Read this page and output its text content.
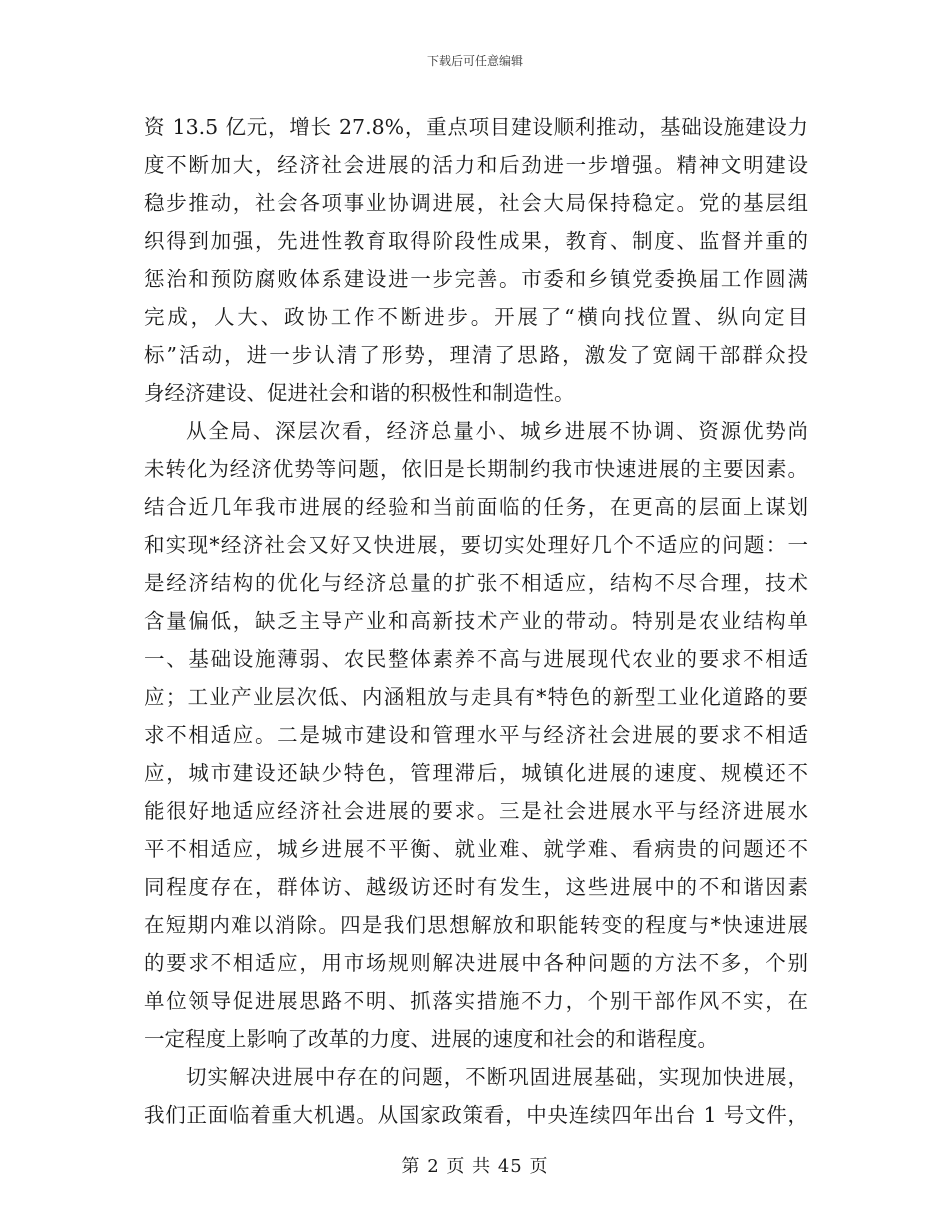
下载后可任意编辑
资 13.5 亿元，增长 27.8%，重点项目建设顺利推动，基础设施建设力
度不断加大，经济社会进展的活力和后劲进一步增强。精神文明建设
稳步推动，社会各项事业协调进展，社会大局保持稳定。党的基层组
织得到加强，先进性教育取得阶段性成果，教育、制度、监督并重的
惩治和预防腐败体系建设进一步完善。市委和乡镇党委换届工作圆满
完成，人大、政协工作不断进步。开展了“横向找位置、纵向定目
标”活动，进一步认清了形势，理清了思路，激发了宽阔干部群众投
身经济建设、促进社会和谐的积极性和制造性。
从全局、深层次看，经济总量小、城乡进展不协调、资源优势尚
未转化为经济优势等问题，依旧是长期制约我市快速进展的主要因素。
结合近几年我市进展的经验和当前面临的任务，在更高的层面上谋划
和实现*经济社会又好又快进展，要切实处理好几个不适应的问题：一
是经济结构的优化与经济总量的扩张不相适应，结构不尽合理，技术
含量偏低，缺乏主导产业和高新技术产业的带动。特别是农业结构单
一、基础设施薄弱、农民整体素养不高与进展现代农业的要求不相适
应；工业产业层次低、内涵粗放与走具有*特色的新型工业化道路的要
求不相适应。二是城市建设和管理水平与经济社会进展的要求不相适
应，城市建设还缺少特色，管理滞后，城镇化进展的速度、规模还不
能很好地适应经济社会进展的要求。三是社会进展水平与经济进展水
平不相适应，城乡进展不平衡、就业难、就学难、看病贵的问题还不
同程度存在，群体访、越级访还时有发生，这些进展中的不和谐因素
在短期内难以消除。四是我们思想解放和职能转变的程度与*快速进展
的要求不相适应，用市场规则解决进展中各种问题的方法不多，个别
单位领导促进展思路不明、抓落实措施不力，个别干部作风不实，在
一定程度上影响了改革的力度、进展的速度和社会的和谐程度。
切实解决进展中存在的问题，不断巩固进展基础，实现加快进展，
我们正面临着重大机遇。从国家政策看，中央连续四年出台 1 号文件，
第 2 页 共 45 页
